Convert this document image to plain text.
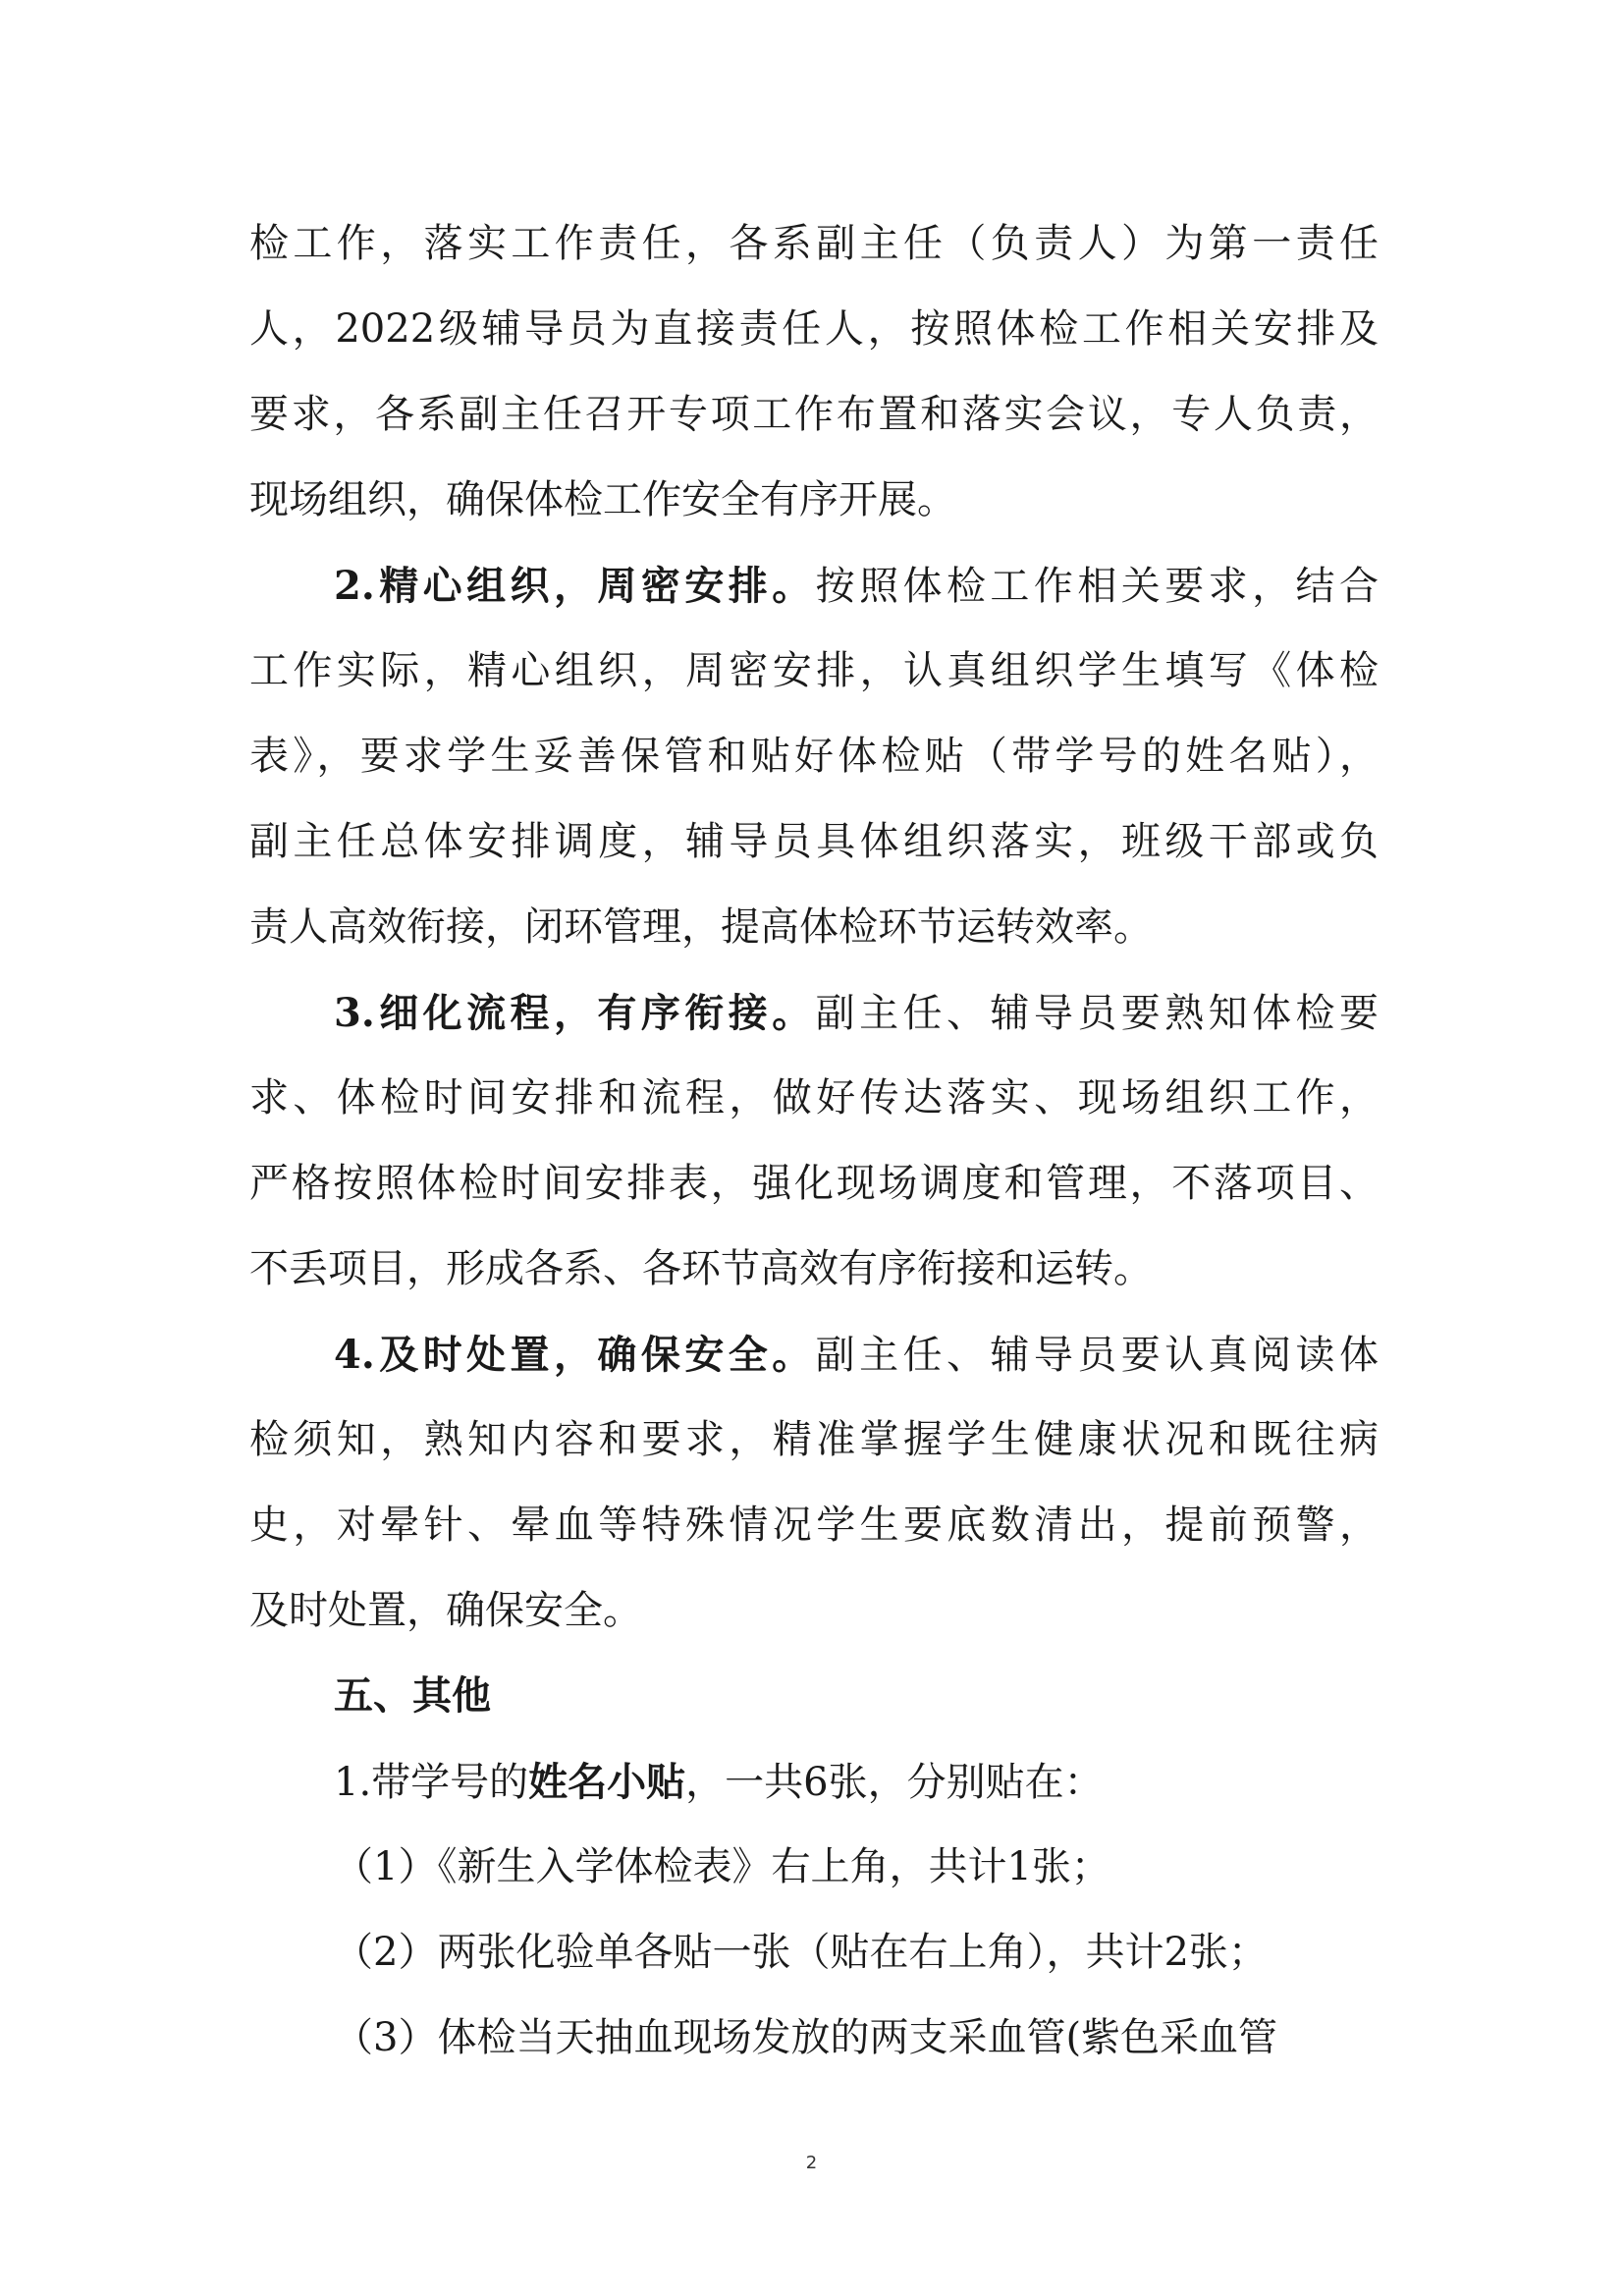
检工作，落实工作责任，各系副主任（负责人）为第一责任
人，2022级辅导员为直接责任人，按照体检工作相关安排及
要求，各系副主任召开专项工作布置和落实会议，专人负责，
现场组织，确保体检工作安全有序开展。
2.精心组织，周密安排。按照体检工作相关要求，结合
工作实际，精心组织，周密安排，认真组织学生填写《体检
表》，要求学生妥善保管和贴好体检贴（带学号的姓名贴），
副主任总体安排调度，辅导员具体组织落实，班级干部或负
责人高效衔接，闭环管理，提高体检环节运转效率。
3.细化流程，有序衔接。副主任、辅导员要熟知体检要
求、体检时间安排和流程，做好传达落实、现场组织工作，
严格按照体检时间安排表，强化现场调度和管理，不落项目、
不丢项目，形成各系、各环节高效有序衔接和运转。
4.及时处置，确保安全。副主任、辅导员要认真阅读体
检须知，熟知内容和要求，精准掌握学生健康状况和既往病
史，对晕针、晕血等特殊情况学生要底数清出，提前预警，
及时处置，确保安全。
五、其他
1.带学号的姓名小贴，一共6张，分别贴在：
（1）《新生入学体检表》右上角，共计1张；
（2）两张化验单各贴一张（贴在右上角），共计2张；
（3）体检当天抽血现场发放的两支采血管(紫色采血管
2
